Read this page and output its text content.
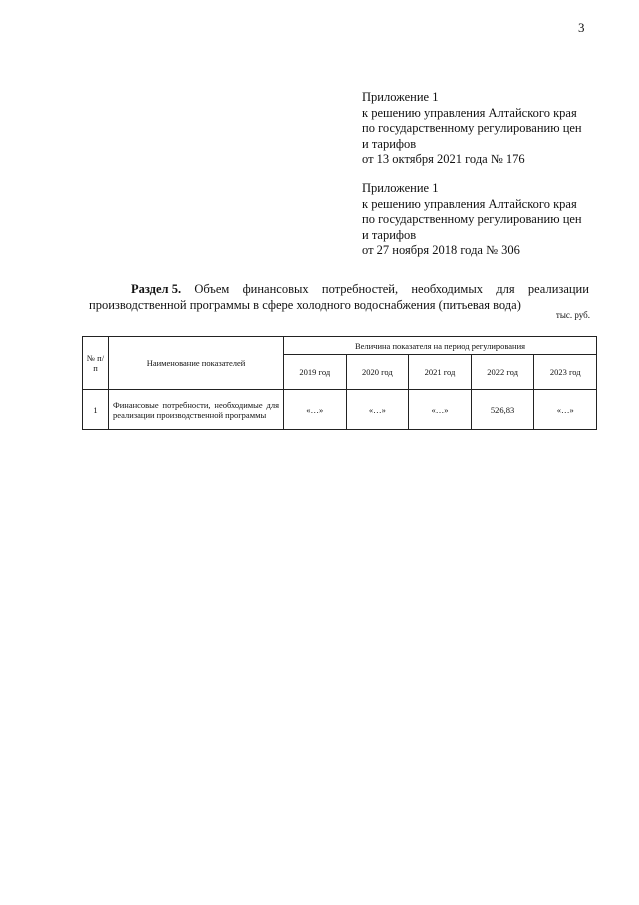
3
Приложение 1
к решению управления Алтайского края
по государственному регулированию цен
и тарифов
от 13 октября 2021 года № 176
Приложение 1
к решению управления Алтайского края
по государственному регулированию цен
и тарифов
от 27 ноября 2018 года № 306
Раздел 5. Объем финансовых потребностей, необходимых для реализации
производственной программы в сфере холодного водоснабжения (питьевая вода)
тыс. руб.
№ п/п	Наименование показателей	Величина показателя на период регулирования				
		2019 год	2020 год	2021 год	2022 год	2023 год
1	Финансовые потребности, необходимые для реализации производственной программы	«…»	«…»	«…»	526,83	«…»
